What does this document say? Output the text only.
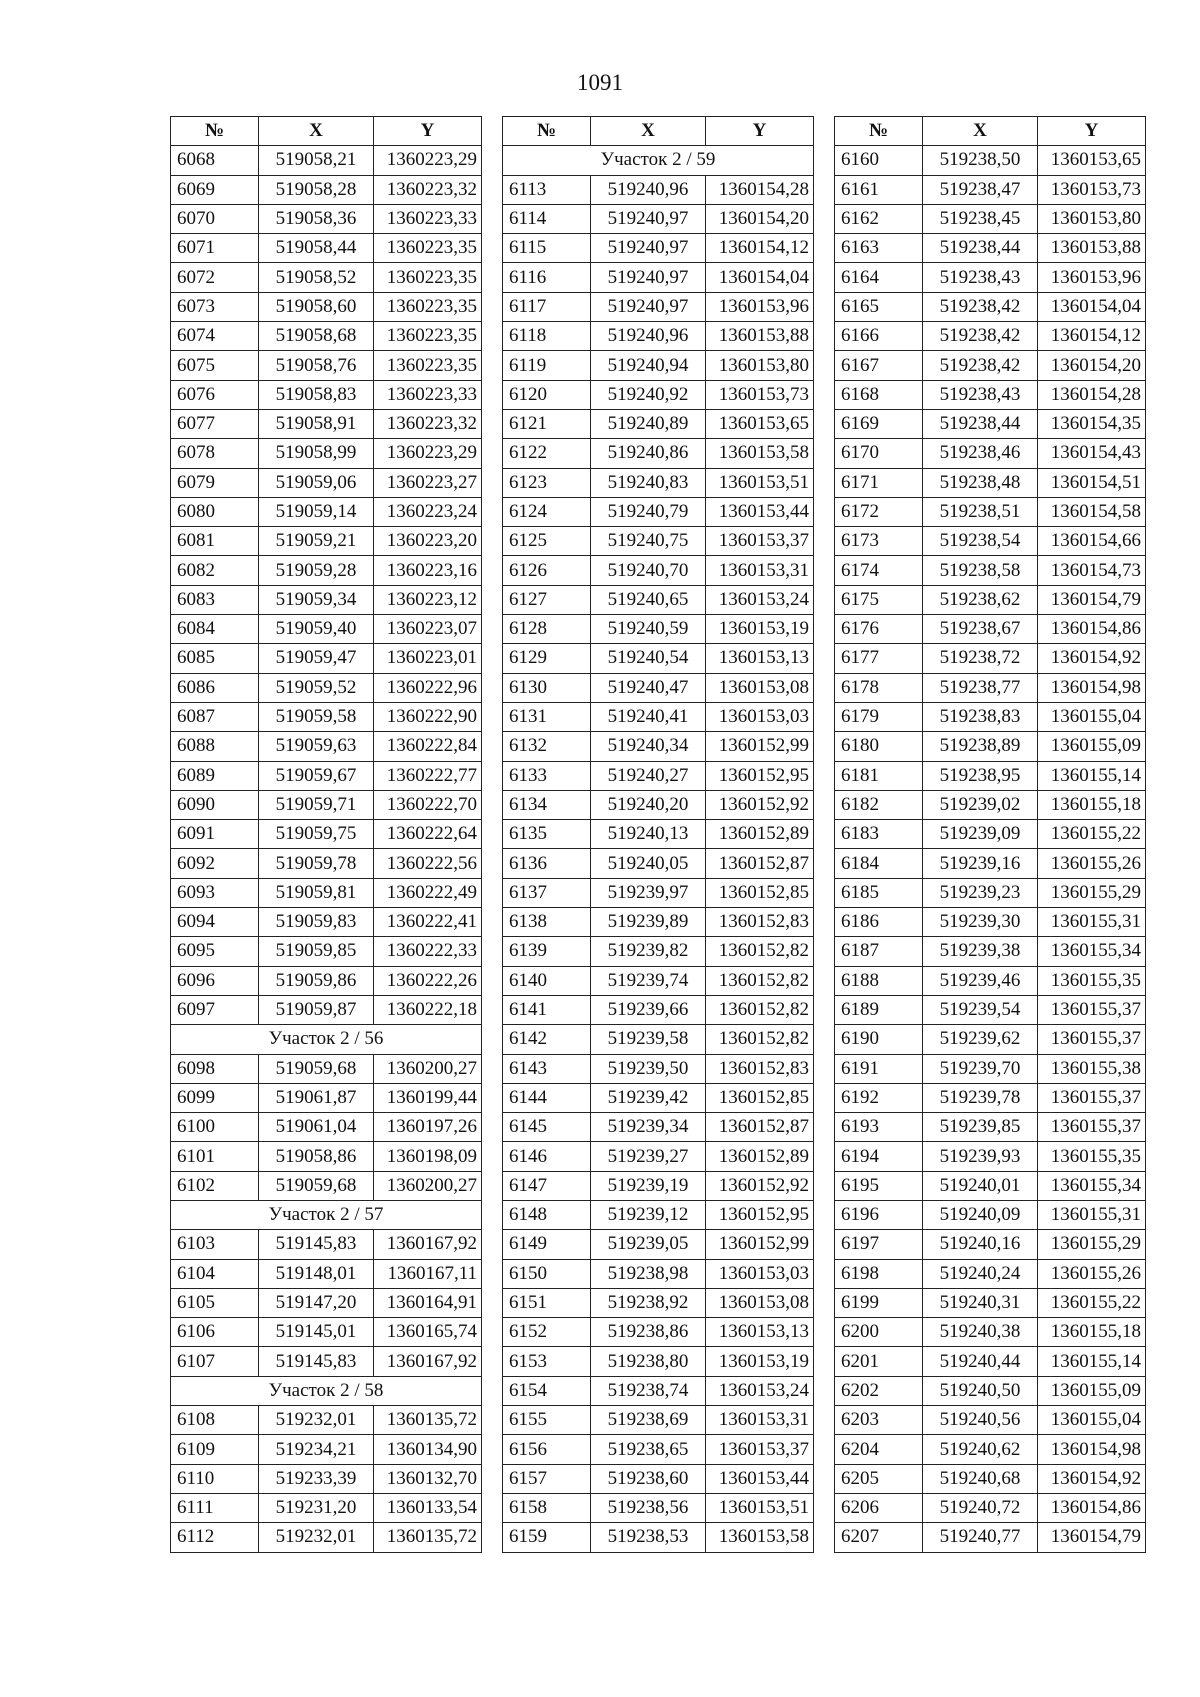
1091
№	X	Y
6068	519058,21	1360223,29
6069	519058,28	1360223,32
6070	519058,36	1360223,33
6071	519058,44	1360223,35
6072	519058,52	1360223,35
6073	519058,60	1360223,35
6074	519058,68	1360223,35
6075	519058,76	1360223,35
6076	519058,83	1360223,33
6077	519058,91	1360223,32
6078	519058,99	1360223,29
6079	519059,06	1360223,27
6080	519059,14	1360223,24
6081	519059,21	1360223,20
6082	519059,28	1360223,16
6083	519059,34	1360223,12
6084	519059,40	1360223,07
6085	519059,47	1360223,01
6086	519059,52	1360222,96
6087	519059,58	1360222,90
6088	519059,63	1360222,84
6089	519059,67	1360222,77
6090	519059,71	1360222,70
6091	519059,75	1360222,64
6092	519059,78	1360222,56
6093	519059,81	1360222,49
6094	519059,83	1360222,41
6095	519059,85	1360222,33
6096	519059,86	1360222,26
6097	519059,87	1360222,18
Участок 2 / 56		
6098	519059,68	1360200,27
6099	519061,87	1360199,44
6100	519061,04	1360197,26
6101	519058,86	1360198,09
6102	519059,68	1360200,27
Участок 2 / 57		
6103	519145,83	1360167,92
6104	519148,01	1360167,11
6105	519147,20	1360164,91
6106	519145,01	1360165,74
6107	519145,83	1360167,92
Участок 2 / 58		
6108	519232,01	1360135,72
6109	519234,21	1360134,90
6110	519233,39	1360132,70
6111	519231,20	1360133,54
6112	519232,01	1360135,72
№	X	Y
Участок 2 / 59		
6113	519240,96	1360154,28
6114	519240,97	1360154,20
6115	519240,97	1360154,12
6116	519240,97	1360154,04
6117	519240,97	1360153,96
6118	519240,96	1360153,88
6119	519240,94	1360153,80
6120	519240,92	1360153,73
6121	519240,89	1360153,65
6122	519240,86	1360153,58
6123	519240,83	1360153,51
6124	519240,79	1360153,44
6125	519240,75	1360153,37
6126	519240,70	1360153,31
6127	519240,65	1360153,24
6128	519240,59	1360153,19
6129	519240,54	1360153,13
6130	519240,47	1360153,08
6131	519240,41	1360153,03
6132	519240,34	1360152,99
6133	519240,27	1360152,95
6134	519240,20	1360152,92
6135	519240,13	1360152,89
6136	519240,05	1360152,87
6137	519239,97	1360152,85
6138	519239,89	1360152,83
6139	519239,82	1360152,82
6140	519239,74	1360152,82
6141	519239,66	1360152,82
6142	519239,58	1360152,82
6143	519239,50	1360152,83
6144	519239,42	1360152,85
6145	519239,34	1360152,87
6146	519239,27	1360152,89
6147	519239,19	1360152,92
6148	519239,12	1360152,95
6149	519239,05	1360152,99
6150	519238,98	1360153,03
6151	519238,92	1360153,08
6152	519238,86	1360153,13
6153	519238,80	1360153,19
6154	519238,74	1360153,24
6155	519238,69	1360153,31
6156	519238,65	1360153,37
6157	519238,60	1360153,44
6158	519238,56	1360153,51
6159	519238,53	1360153,58
№	X	Y
6160	519238,50	1360153,65
6161	519238,47	1360153,73
6162	519238,45	1360153,80
6163	519238,44	1360153,88
6164	519238,43	1360153,96
6165	519238,42	1360154,04
6166	519238,42	1360154,12
6167	519238,42	1360154,20
6168	519238,43	1360154,28
6169	519238,44	1360154,35
6170	519238,46	1360154,43
6171	519238,48	1360154,51
6172	519238,51	1360154,58
6173	519238,54	1360154,66
6174	519238,58	1360154,73
6175	519238,62	1360154,79
6176	519238,67	1360154,86
6177	519238,72	1360154,92
6178	519238,77	1360154,98
6179	519238,83	1360155,04
6180	519238,89	1360155,09
6181	519238,95	1360155,14
6182	519239,02	1360155,18
6183	519239,09	1360155,22
6184	519239,16	1360155,26
6185	519239,23	1360155,29
6186	519239,30	1360155,31
6187	519239,38	1360155,34
6188	519239,46	1360155,35
6189	519239,54	1360155,37
6190	519239,62	1360155,37
6191	519239,70	1360155,38
6192	519239,78	1360155,37
6193	519239,85	1360155,37
6194	519239,93	1360155,35
6195	519240,01	1360155,34
6196	519240,09	1360155,31
6197	519240,16	1360155,29
6198	519240,24	1360155,26
6199	519240,31	1360155,22
6200	519240,38	1360155,18
6201	519240,44	1360155,14
6202	519240,50	1360155,09
6203	519240,56	1360155,04
6204	519240,62	1360154,98
6205	519240,68	1360154,92
6206	519240,72	1360154,86
6207	519240,77	1360154,79
